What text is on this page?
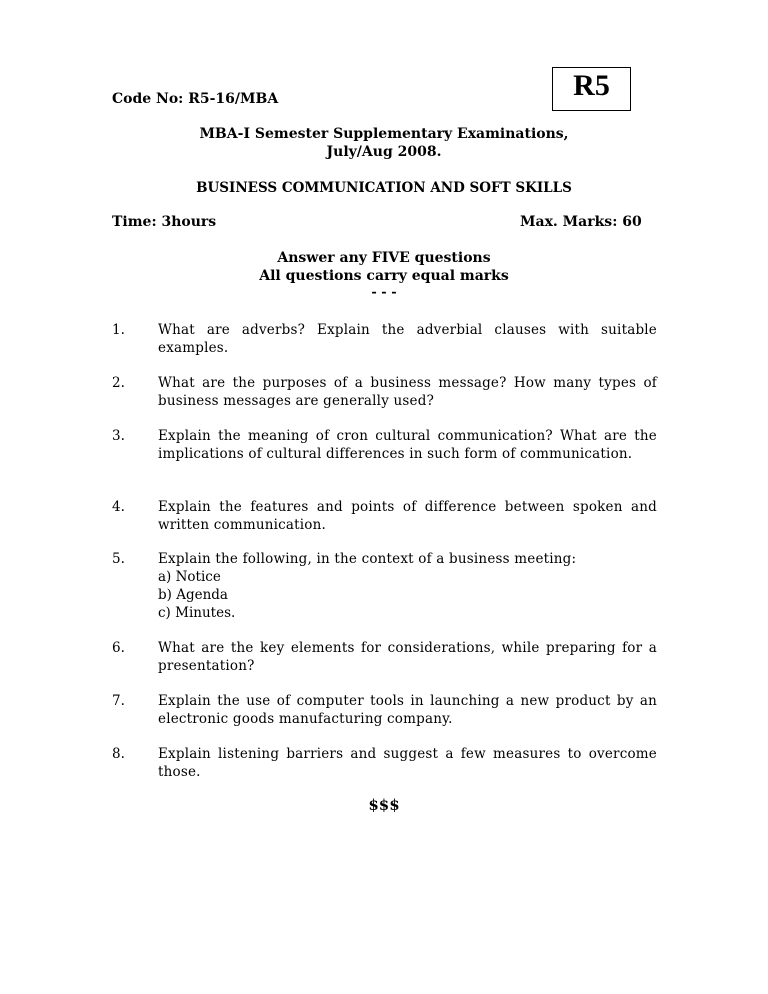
Code No: R5-16/MBA	R5
MBA-I Semester Supplementary Examinations,
July/Aug 2008.
BUSINESS COMMUNICATION AND SOFT SKILLS
Time: 3hours	Max. Marks: 60
Answer any FIVE questions
All questions carry equal marks
- - -
1. What are adverbs? Explain the adverbial clauses with suitable examples.
2. What are the purposes of a business message? How many types of business messages are generally used?
3. Explain the meaning of cron cultural communication? What are the implications of cultural differences in such form of communication.
4. Explain the features and points of difference between spoken and written communication.
5. Explain the following, in the context of a business meeting:
a) Notice
b) Agenda
c) Minutes.
6. What are the key elements for considerations, while preparing for a presentation?
7. Explain the use of computer tools in launching a new product by an electronic goods manufacturing company.
8. Explain listening barriers and suggest a few measures to overcome those.
$$$
